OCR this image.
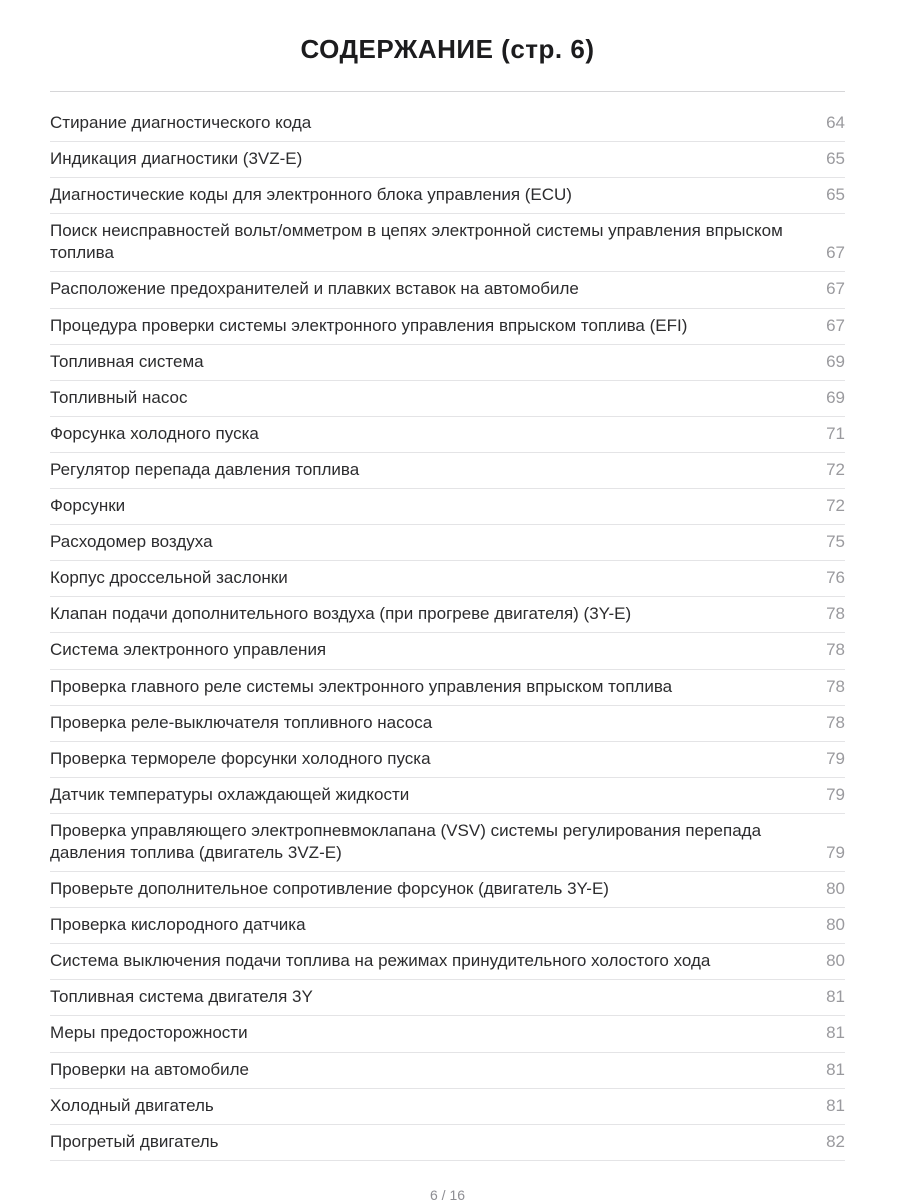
СОДЕРЖАНИЕ (стр. 6)
Стирание диагностического кода	64
Индикация диагностики (3VZ-E)	65
Диагностические коды для электронного блока управления (ECU)	65
Поиск неисправностей вольт/омметром в цепях электронной системы управления впрыском топлива	67
Расположение предохранителей и плавких вставок на автомобиле	67
Процедура проверки системы электронного управления впрыском топлива (EFI)	67
Топливная система	69
Топливный насос	69
Форсунка холодного пуска	71
Регулятор перепада давления топлива	72
Форсунки	72
Расходомер воздуха	75
Корпус дроссельной заслонки	76
Клапан подачи дополнительного воздуха (при прогреве двигателя) (3Y-E)	78
Система электронного управления	78
Проверка главного реле системы электронного управления впрыском топлива	78
Проверка реле-выключателя топливного насоса	78
Проверка термореле форсунки холодного пуска	79
Датчик температуры охлаждающей жидкости	79
Проверка управляющего электропневмоклапана (VSV) системы регулирования перепада давления топлива (двигатель 3VZ-E)	79
Проверьте дополнительное сопротивление форсунок (двигатель 3Y-E)	80
Проверка кислородного датчика	80
Система выключения подачи топлива на режимах принудительного холостого хода	80
Топливная система двигателя 3Y	81
Меры предосторожности	81
Проверки на автомобиле	81
Холодный двигатель	81
Прогретый двигатель	82
6 / 16
